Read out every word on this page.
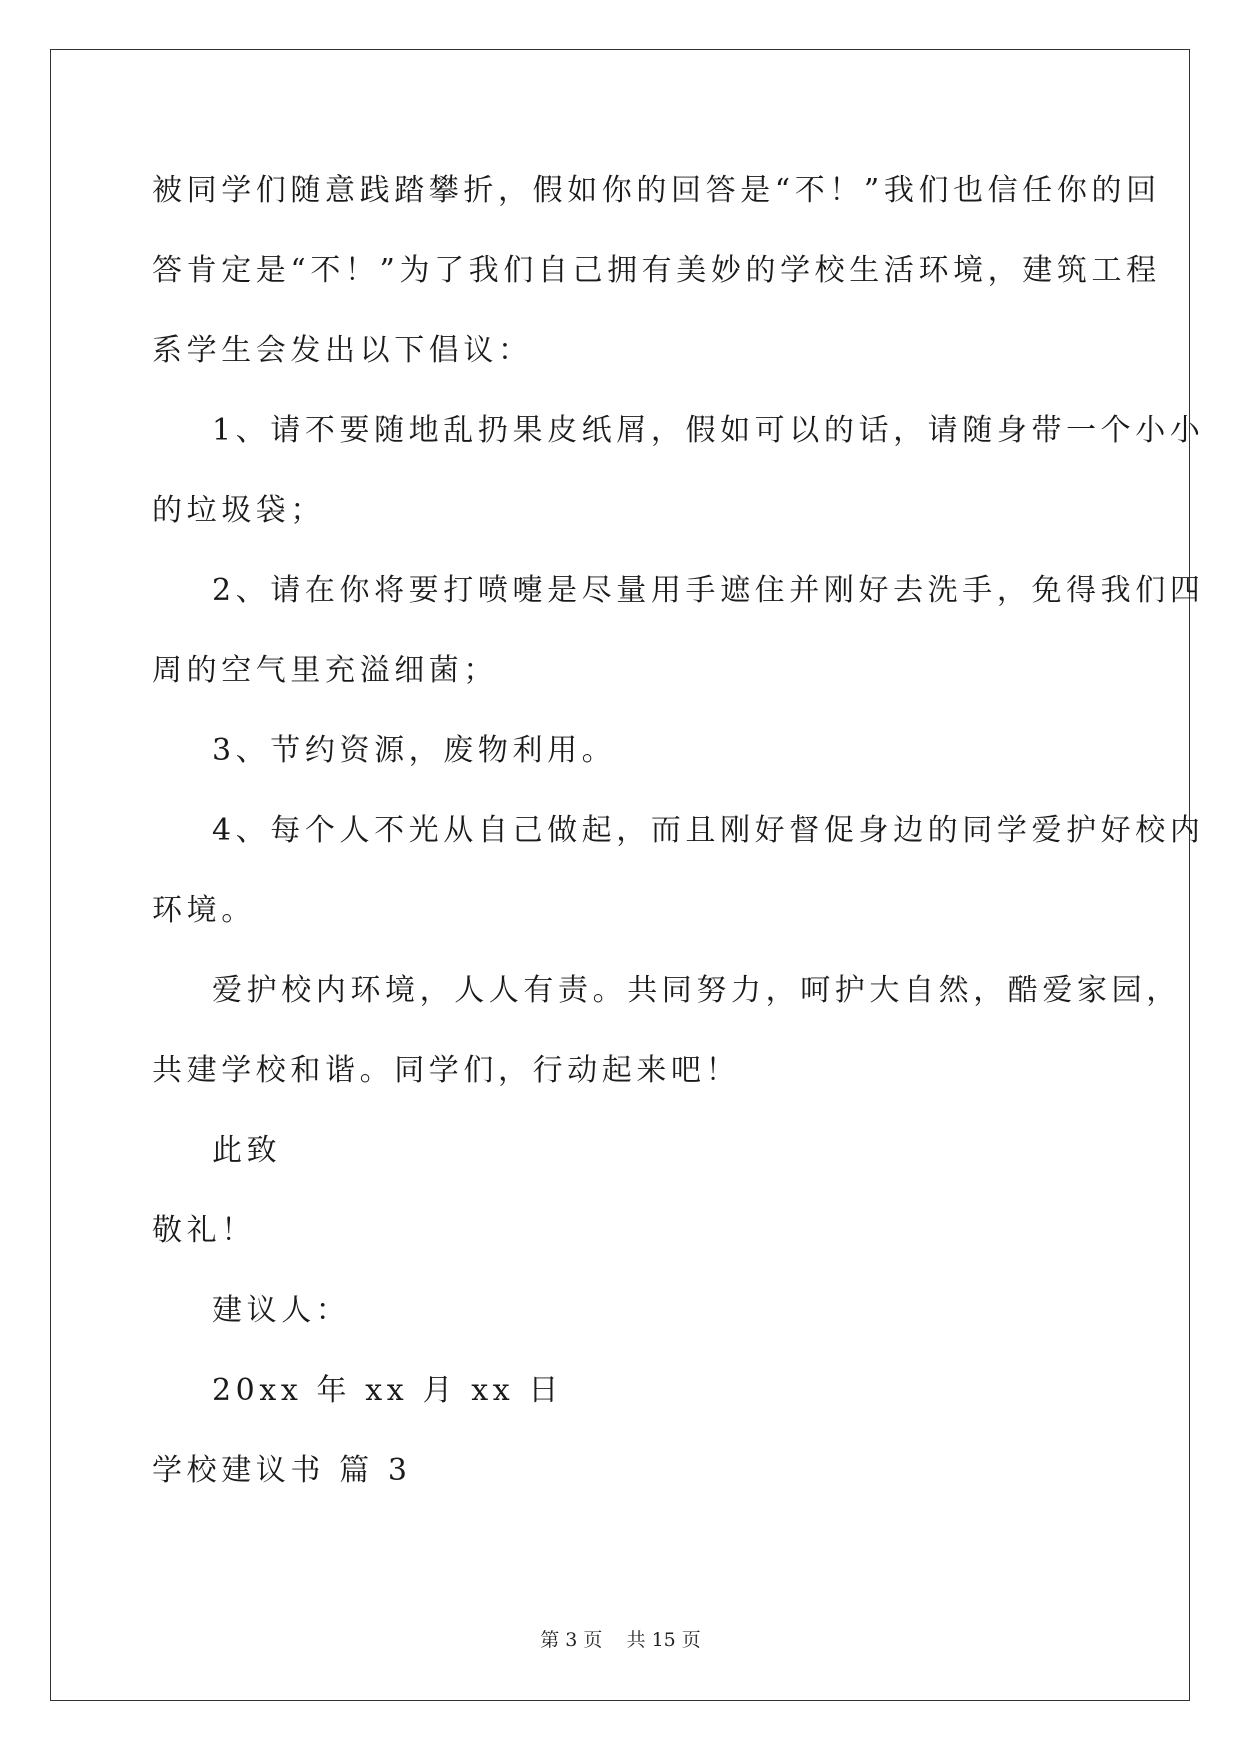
被同学们随意践踏攀折，假如你的回答是“不！”我们也信任你的回
答肯定是“不！”为了我们自己拥有美妙的学校生活环境，建筑工程
系学生会发出以下倡议：
1、请不要随地乱扔果皮纸屑，假如可以的话，请随身带一个小小
的垃圾袋；
2、请在你将要打喷嚏是尽量用手遮住并刚好去洗手，免得我们四
周的空气里充溢细菌；
3、节约资源，废物利用。
4、每个人不光从自己做起，而且刚好督促身边的同学爱护好校内
环境。
爱护校内环境，人人有责。共同努力，呵护大自然，酷爱家园，
共建学校和谐。同学们，行动起来吧！
此致
敬礼！
建议人：
20xx 年 xx 月 xx 日
学校建议书 篇 3
第 3 页    共 15 页
